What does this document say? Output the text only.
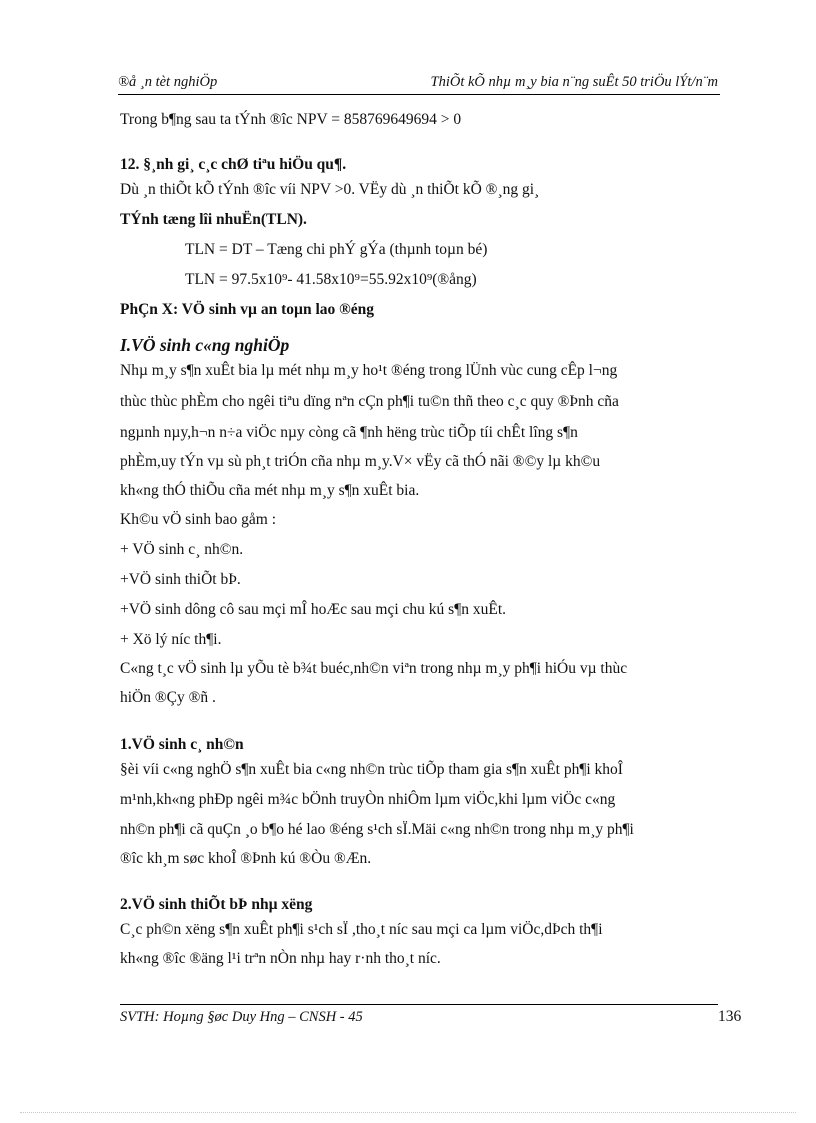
®å ¸n tèt nghiÖp	ThiÕt kÕ nhµ m¸y bia n¨ng suÊt 50 triÖu lÝt/n¨m
Trong b¶ng sau ta tÝnh ®îc NPV = 858769649694 > 0
12. §¸nh gi¸ c¸c chØ tiªu hiÖu qu¶.
Dù ¸n thiÕt kÕ tÝnh ®îc víi NPV >0. VËy dù ¸n thiÕt kÕ ®¸ng gi¸
TÝnh tæng lîi nhuËn(TLN).
TLN = DT – Tæng chi phÝ gÝa (thµnh toµn bé)
TLN = 97.5x10⁹- 41.58x10⁹=55.92x10⁹(®ång)
PhÇn X: VÖ sinh vµ an toµn lao ®éng
I.VÖ sinh c«ng nghiÖp
Nhµ m¸y s¶n xuÊt bia lµ mét nhµ m¸y ho¹t ®éng trong lÜnh vùc cung cÊp l¬ng
thùc thùc phÈm cho ngêi tiªu dïng nªn cÇn ph¶i tu©n thñ theo c¸c quy ®Þnh cña
ngµnh nµy,h¬n n÷a viÖc nµy còng cã ¶nh hëng trùc tiÕp tíi chÊt lîng s¶n
phÈm,uy tÝn vµ sù ph¸t triÓn cña nhµ m¸y.V× vËy cã thÓ nãi ®©y lµ kh©u
kh«ng thÓ thiÕu cña mét nhµ m¸y s¶n xuÊt bia.
Kh©u vÖ sinh bao gåm :
+ VÖ sinh c¸ nh©n.
+VÖ sinh thiÕt bÞ.
+VÖ sinh dông cô sau mçi mÎ hoÆc sau mçi chu kú s¶n xuÊt.
+ Xö lý níc th¶i.
C«ng t¸c vÖ sinh lµ yÕu tè b¾t buéc,nh©n viªn trong nhµ m¸y ph¶i hiÓu vµ thùc
hiÖn ®Çy ®ñ .
1.VÖ sinh c¸ nh©n
§èi víi c«ng nghÖ s¶n xuÊt bia c«ng nh©n trùc tiÕp tham gia s¶n xuÊt ph¶i khoÎ
m¹nh,kh«ng phÐp ngêi m¾c bÖnh truyÒn nhiÔm lµm viÖc,khi lµm viÖc c«ng
nh©n ph¶i cã quÇn ¸o b¶o hé lao ®éng s¹ch sÏ.Mäi c«ng nh©n trong nhµ m¸y ph¶i
®îc kh¸m søc khoÎ ®Þnh kú ®Òu ®Æn.
2.VÖ sinh thiÕt bÞ nhµ xëng
C¸c ph©n xëng s¶n xuÊt ph¶i s¹ch sÏ ,tho¸t níc sau mçi ca lµm viÖc,dÞch th¶i
kh«ng ®îc ®äng l¹i trªn nÒn nhµ hay r·nh tho¸t níc.
SVTH: Hoµng §øc Duy Hng – CNSH - 45	136
